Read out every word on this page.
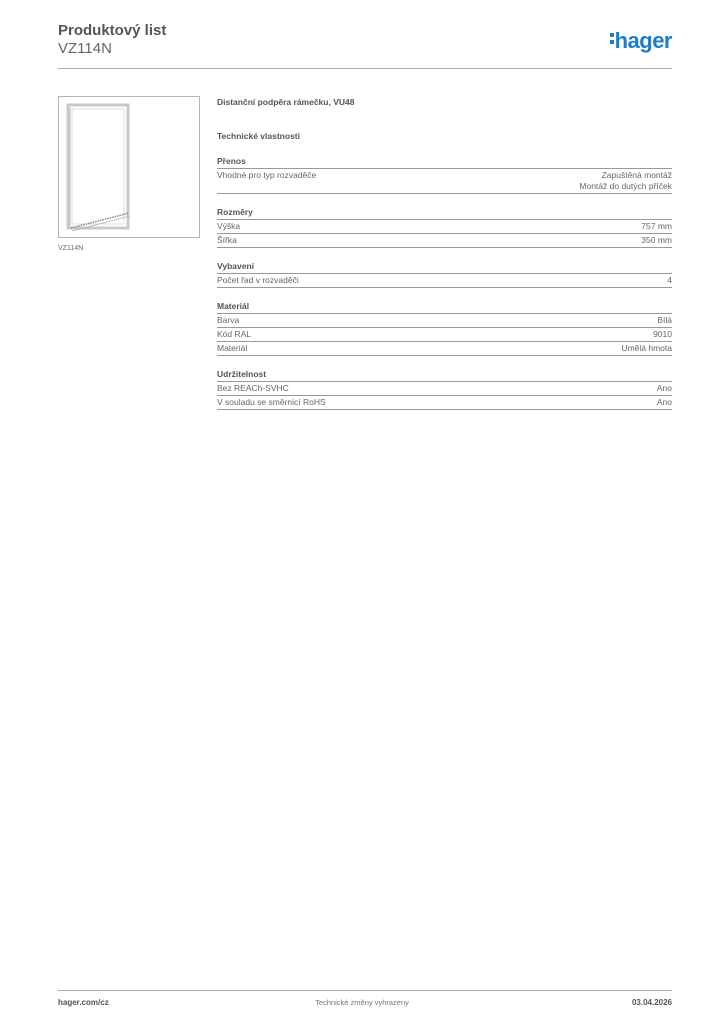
Produktový list
VZ114N	hager
VZ114N
Distanční podpěra rámečku, VU48
Technické vlastnosti
Přenos
Vhodné pro typ rozvaděče	Zapuštěná montáž
Montáž do dutých příček
Rozměry
Výška	757 mm
Šířka	350 mm
Vybavení
Počet řad v rozvaděči	4
Materiál
Barva	Bílá
Kód RAL	9010
Materiál	Umělá hmota
Udržitelnost
Bez REACh-SVHC	Ano
V souladu se směrnicí RoHS	Ano
hager.com/cz	Technické změny vyhrazeny	03.04.2026
